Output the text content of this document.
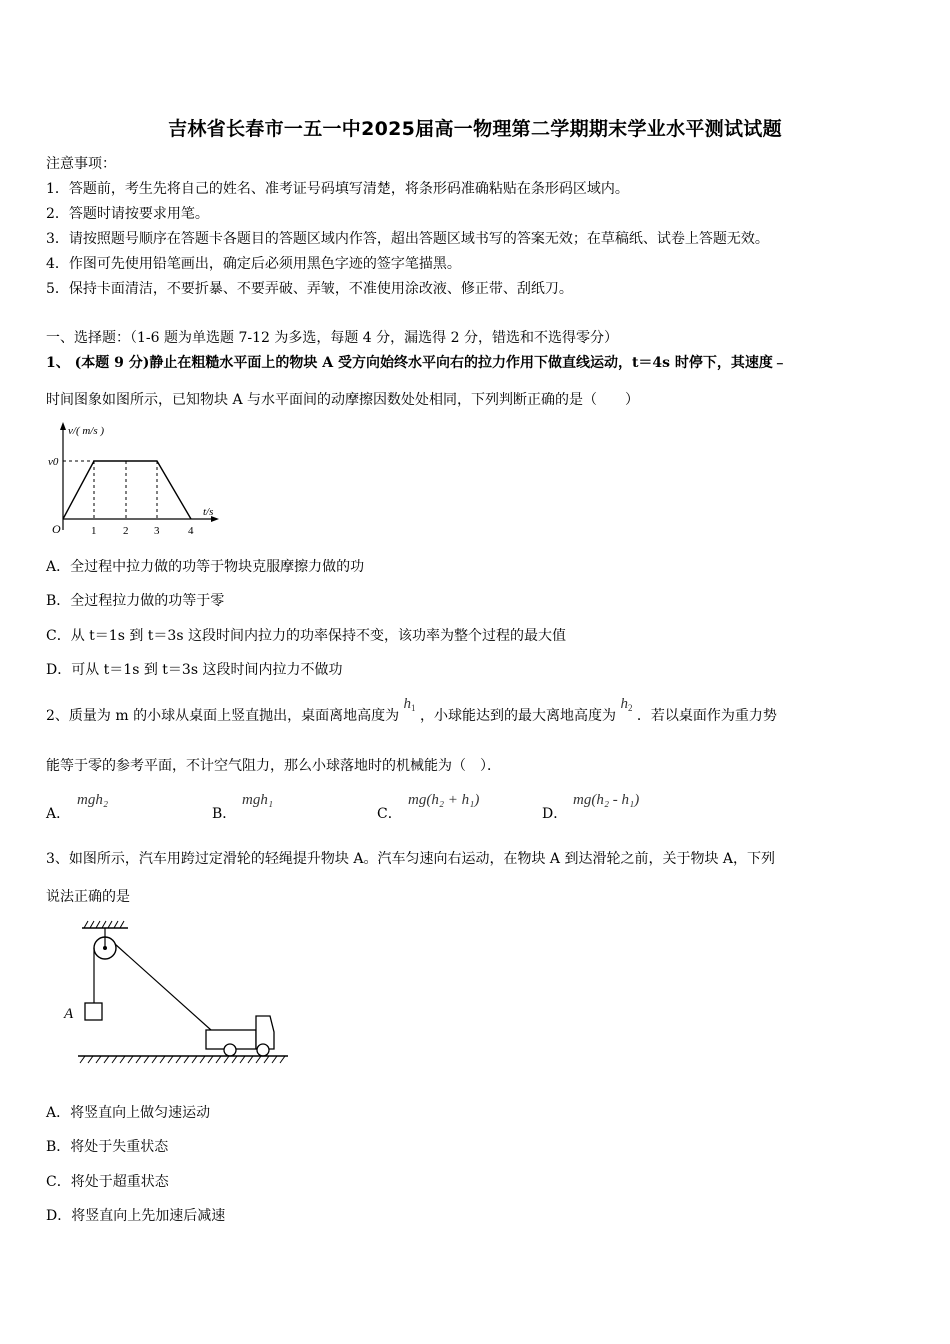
吉林省长春市一五一中2025届高一物理第二学期期末学业水平测试试题
注意事项：
1．答题前，考生先将自己的姓名、准考证号码填写清楚，将条形码准确粘贴在条形码区域内。
2．答题时请按要求用笔。
3．请按照题号顺序在答题卡各题目的答题区域内作答，超出答题区域书写的答案无效；在草稿纸、试卷上答题无效。
4．作图可先使用铅笔画出，确定后必须用黑色字迹的签字笔描黑。
5．保持卡面清洁，不要折暴、不要弄破、弄皱，不准使用涂改液、修正带、刮纸刀。
一、选择题：（1-6 题为单选题 7-12 为多选，每题 4 分，漏选得 2 分，错选和不选得零分）
1、 (本题 9 分)静止在粗糙水平面上的物块 A 受方向始终水平向右的拉力作用下做直线运动，t＝4s 时停下，其速度﹣
时间图象如图所示，已知物块 A 与水平面间的动摩擦因数处处相同，下列判断正确的是（　　）
v/( m/s )
v0
O	1 2 3	4
t/s
A．全过程中拉力做的功等于物块克服摩擦力做的功
B．全过程拉力做的功等于零
C．从 t＝1s 到 t＝3s 这段时间内拉力的功率保持不变，该功率为整个过程的最大值
D．可从 t＝1s 到 t＝3s 这段时间内拉力不做功
2、质量为 m 的小球从桌面上竖直抛出，桌面离地高度为 $h_1$ ，小球能达到的最大离地高度为 $h_2$ ．若以桌面作为重力势
能等于零的参考平面，不计空气阻力，那么小球落地时的机械能为（　）．
A．
mgh₂
B．
mgh₁
C．
mg(h₂ + h₁)
D．
mg(h₂ - h₁)
3、如图所示，汽车用跨过定滑轮的轻绳提升物块 A。汽车匀速向右运动，在物块 A 到达滑轮之前，关于物块 A，下列
说法正确的是
A
A．将竖直向上做匀速运动
B．将处于失重状态
C．将处于超重状态
D．将竖直向上先加速后减速
